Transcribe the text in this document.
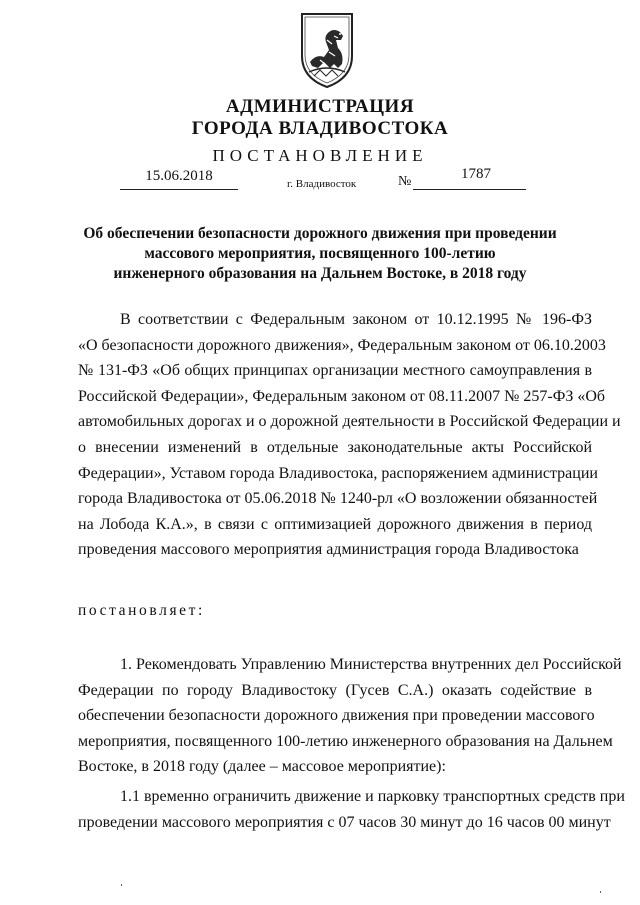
АДМИНИСТРАЦИЯ
ГОРОДА ВЛАДИВОСТОКА
ПОСТАНОВЛЕНИЕ
15.06.2018	г. Владивосток	№	1787
Об обеспечении безопасности дорожного движения при проведении
массового мероприятия, посвященного 100-летию
инженерного образования на Дальнем Востоке, в 2018 году
В соответствии с Федеральным законом от 10.12.1995 № 196-ФЗ
«О безопасности дорожного движения», Федеральным законом от 06.10.2003
№ 131-ФЗ «Об общих принципах организации местного самоуправления в
Российской Федерации», Федеральным законом от 08.11.2007 № 257-ФЗ «Об
автомобильных дорогах и о дорожной деятельности в Российской Федерации и
о внесении изменений в отдельные законодательные акты Российской
Федерации», Уставом города Владивостока, распоряжением администрации
города Владивостока от 05.06.2018 № 1240-рл «О возложении обязанностей
на Лобода К.А.», в связи с оптимизацией дорожного движения в период
проведения массового мероприятия администрация города Владивостока
постановляет:
1. Рекомендовать Управлению Министерства внутренних дел Российской
Федерации по городу Владивостоку (Гусев С.А.) оказать содействие в
обеспечении безопасности дорожного движения при проведении массового
мероприятия, посвященного 100-летию инженерного образования на Дальнем
Востоке, в 2018 году (далее – массовое мероприятие):
1.1 временно ограничить движение и парковку транспортных средств при
проведении массового мероприятия с 07 часов 30 минут до 16 часов 00 минут
